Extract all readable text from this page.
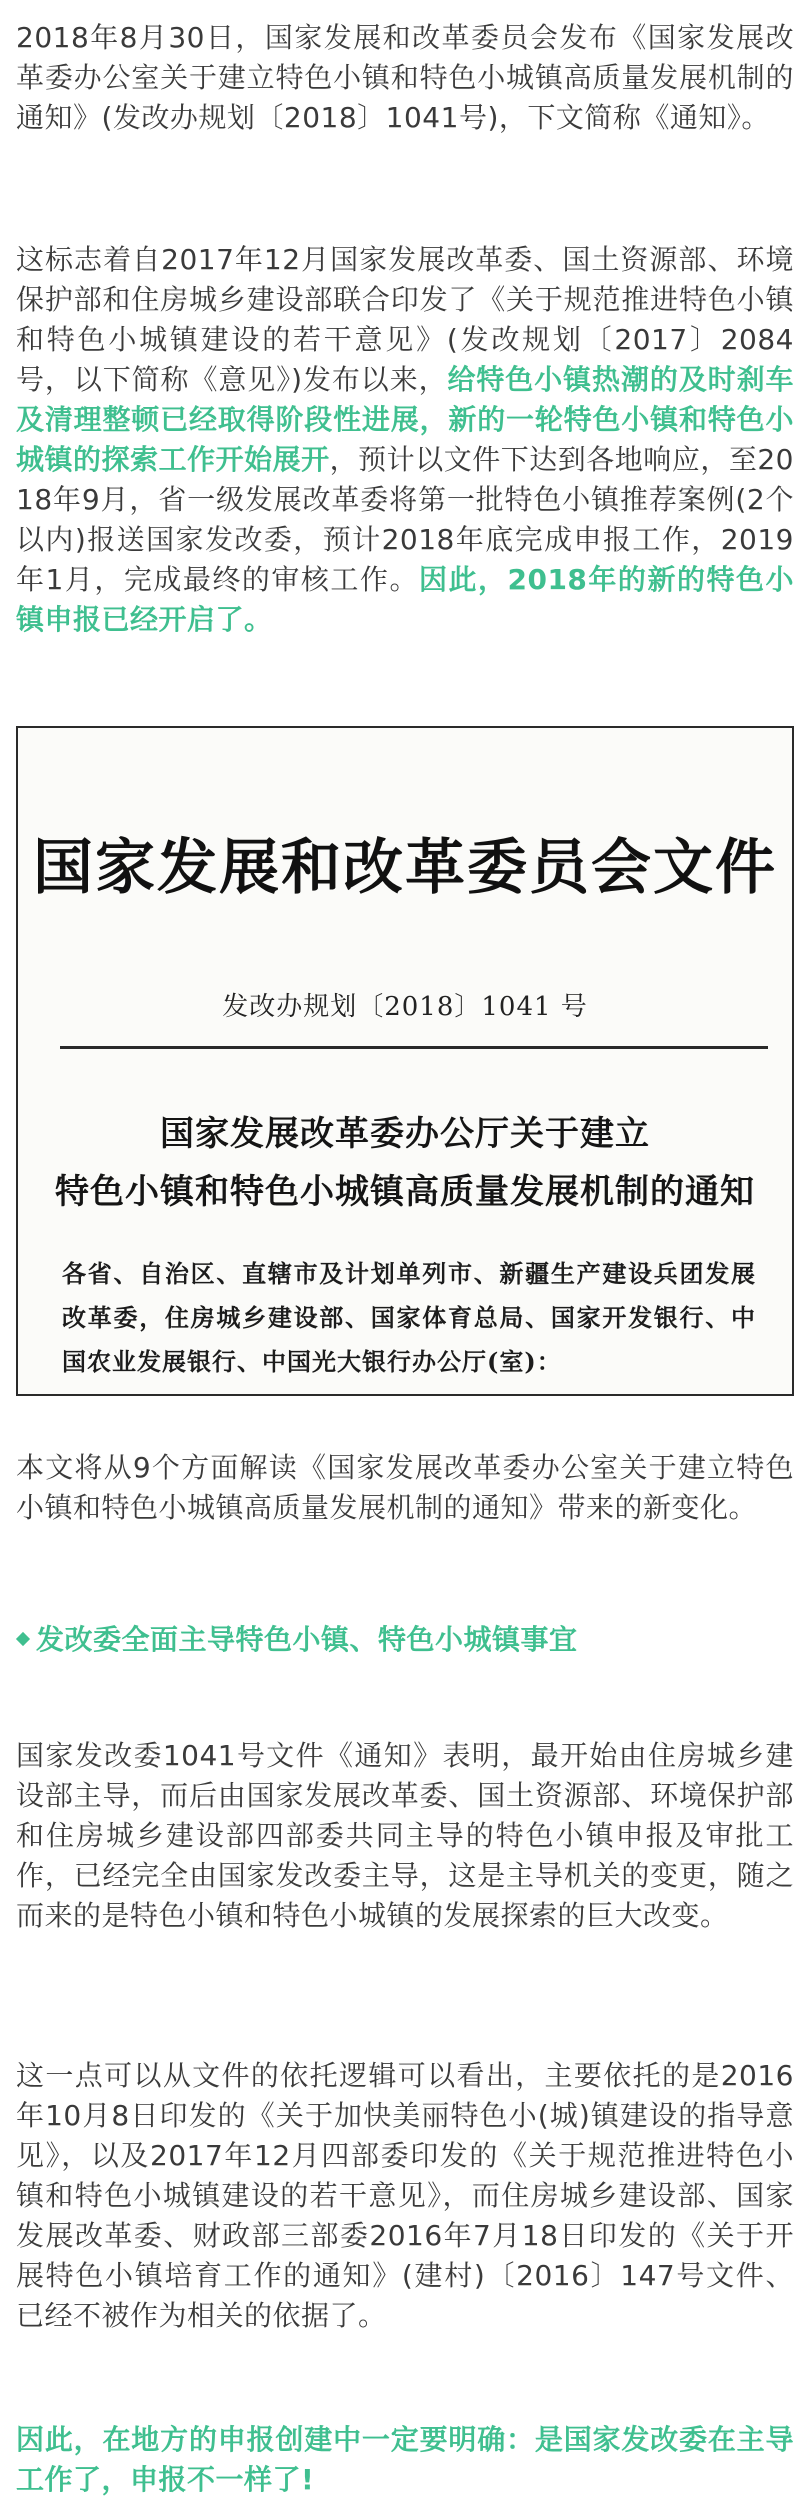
2018年8月30日，国家发展和改革委员会发布《国家发展改革委办公室关于建立特色小镇和特色小城镇高质量发展机制的通知》(发改办规划〔2018〕1041号)，下文简称《通知》。

这标志着自2017年12月国家发展改革委、国土资源部、环境保护部和住房城乡建设部联合印发了《关于规范推进特色小镇和特色小城镇建设的若干意见》(发改规划〔2017〕2084号，以下简称《意见》)发布以来，给特色小镇热潮的及时刹车及清理整顿已经取得阶段性进展，新的一轮特色小镇和特色小城镇的探索工作开始展开，预计以文件下达到各地响应，至2018年9月，省一级发展改革委将第一批特色小镇推荐案例(2个以内)报送国家发改委，预计2018年底完成申报工作，2019年1月，完成最终的审核工作。因此，2018年的新的特色小镇申报已经开启了。

国家发展和改革委员会文件
发改办规划〔2018〕1041 号
国家发展改革委办公厅关于建立
特色小镇和特色小城镇高质量发展机制的通知
各省、自治区、直辖市及计划单列市、新疆生产建设兵团发展改革委，住房城乡建设部、国家体育总局、国家开发银行、中国农业发展银行、中国光大银行办公厅(室)：

本文将从9个方面解读《国家发展改革委办公室关于建立特色小镇和特色小城镇高质量发展机制的通知》带来的新变化。

发改委全面主导特色小镇、特色小城镇事宜

国家发改委1041号文件《通知》表明，最开始由住房城乡建设部主导，而后由国家发展改革委、国土资源部、环境保护部和住房城乡建设部四部委共同主导的特色小镇申报及审批工作，已经完全由国家发改委主导，这是主导机关的变更，随之而来的是特色小镇和特色小城镇的发展探索的巨大改变。

这一点可以从文件的依托逻辑可以看出，主要依托的是2016年10月8日印发的《关于加快美丽特色小(城)镇建设的指导意见》，以及2017年12月四部委印发的《关于规范推进特色小镇和特色小城镇建设的若干意见》，而住房城乡建设部、国家发展改革委、财政部三部委2016年7月18日印发的《关于开展特色小镇培育工作的通知》(建村)〔2016〕147号文件、已经不被作为相关的依据了。

因此，在地方的申报创建中一定要明确：是国家发改委在主导工作了，申报不一样了!
